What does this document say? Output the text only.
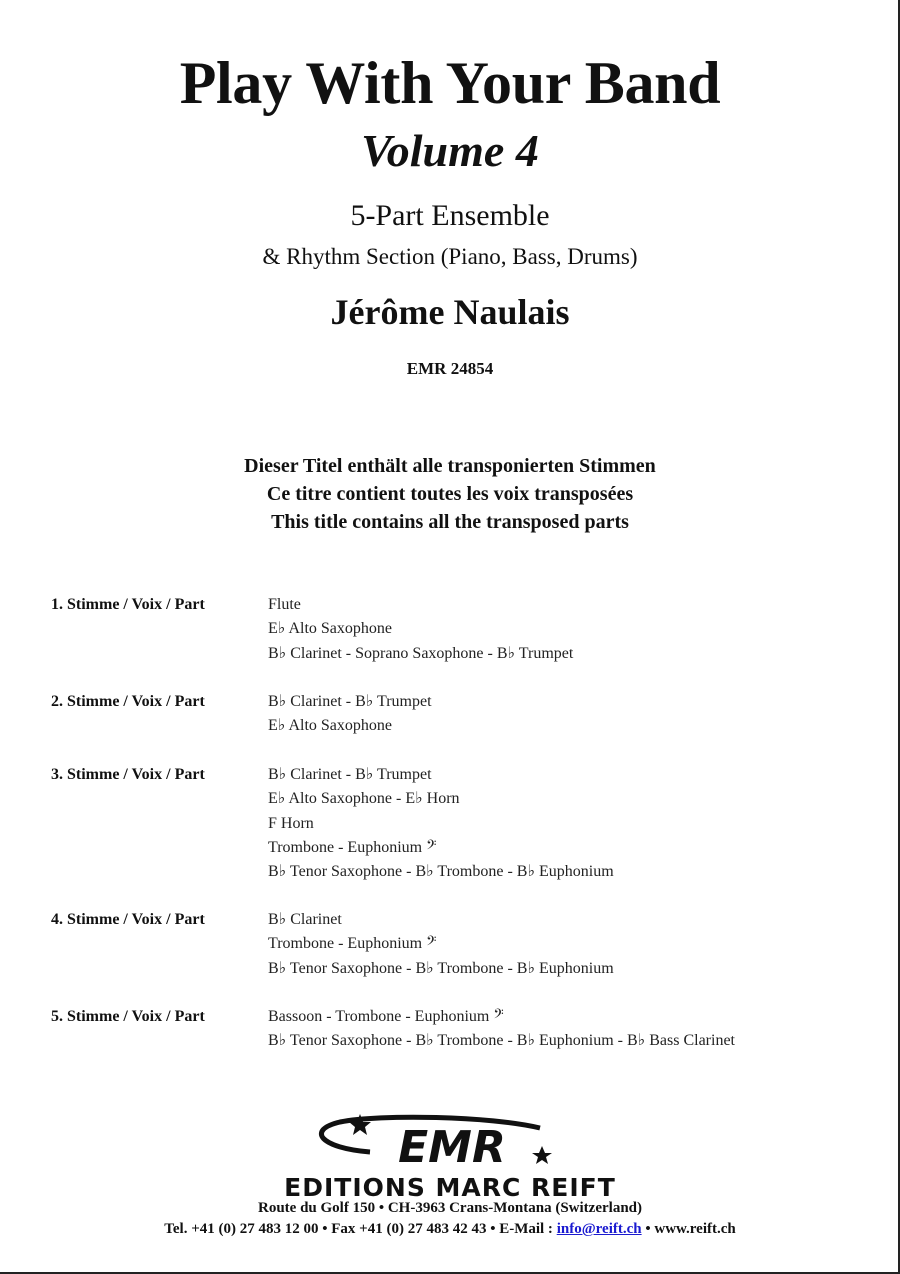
Play With Your Band
Volume 4
5-Part Ensemble
& Rhythm Section (Piano, Bass, Drums)
Jérôme Naulais
EMR 24854
Dieser Titel enthält alle transponierten Stimmen
Ce titre contient toutes les voix transposées
This title contains all the transposed parts
1. Stimme / Voix / Part	Flute
E♭ Alto Saxophone
B♭ Clarinet - Soprano Saxophone - B♭ Trumpet
2. Stimme / Voix / Part	B♭ Clarinet - B♭ Trumpet
E♭ Alto Saxophone
3. Stimme / Voix / Part	B♭ Clarinet - B♭ Trumpet
E♭ Alto Saxophone - E♭ Horn
F Horn
Trombone - Euphonium 𝄢
B♭ Tenor Saxophone - B♭ Trombone - B♭ Euphonium
4. Stimme / Voix / Part	B♭ Clarinet
Trombone - Euphonium 𝄢
B♭ Tenor Saxophone - B♭ Trombone - B♭ Euphonium
5. Stimme / Voix / Part	Bassoon - Trombone - Euphonium 𝄢
B♭ Tenor Saxophone - B♭ Trombone - B♭ Euphonium - B♭ Bass Clarinet
EMR
EDITIONS MARC REIFT
Route du Golf 150 • CH-3963 Crans-Montana (Switzerland)
Tel. +41 (0) 27 483 12 00 • Fax +41 (0) 27 483 42 43 • E-Mail : info@reift.ch • www.reift.ch
